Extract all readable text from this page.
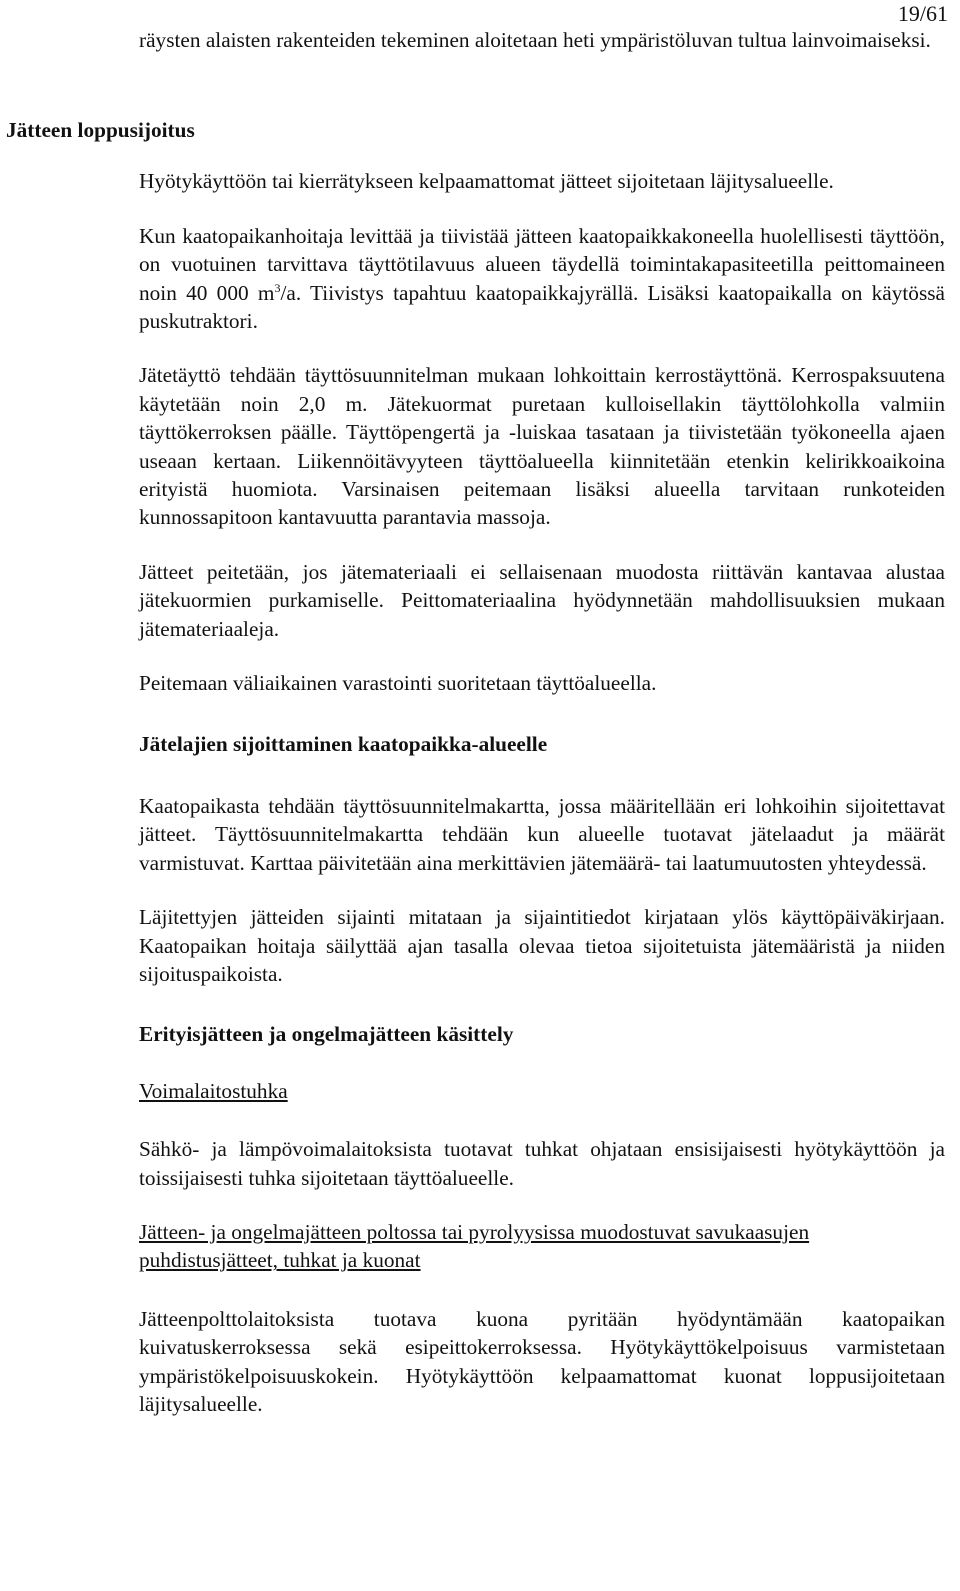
19/61
Jätteen loppusijoitus

räysten alaisten rakenteiden tekeminen aloitetaan heti ympäristöluvan tultua lainvoimaiseksi.

Hyötykäyttöön tai kierrätykseen kelpaamattomat jätteet sijoitetaan läjitysalueelle.

Kun kaatopaikanhoitaja levittää ja tiivistää jätteen kaatopaikkakoneella huolellisesti täyttöön, on vuotuinen tarvittava täyttötilavuus alueen täydellä toimintakapasiteetilla peittomaineen noin 40 000 $m^3/a$. Tiivistys tapahtuu kaatopaikkajyrällä. Lisäksi kaatopaikalla on käytössä puskutraktori.

Jätetäyttö tehdään täyttösuunnitelman mukaan lohkoittain kerrostäyttönä. Kerrospaksuutena käytetään noin 2,0 m. Jätekuormat puretaan kulloisellakin täyttölohkolla valmiin täyttökerroksen päälle. Täyttöpengertä ja -luiskaa tasataan ja tiivistetään työkoneella ajaen useaan kertaan. Liikennöitävyyteen täyttöalueella kiinnitetään etenkin kelirikkoaikoina erityistä huomiota. Varsinaisen peitemaan lisäksi alueella tarvitaan runkoteiden kunnossapitoon kantavuutta parantavia massoja.

Jätteet peitetään, jos jätemateriaali ei sellaisenaan muodosta riittävän kantavaa alustaa jätekuormien purkamiselle. Peittomateriaalina hyödynnetään mahdollisuuksien mukaan jätemateriaaleja.

Peitemaan väliaikainen varastointi suoritetaan täyttöalueella.

Jätelajien sijoittaminen kaatopaikka-alueelle

Kaatopaikasta tehdään täyttösuunnitelmakartta, jossa määritellään eri lohkoihin sijoitettavat jätteet. Täyttösuunnitelmakartta tehdään kun alueelle tuotavat jätelaadut ja määrät varmistuvat. Karttaa päivitetään aina merkittävien jätemäärä- tai laatumuutosten yhteydessä.

Läjitettyjen jätteiden sijainti mitataan ja sijaintitiedot kirjataan ylös käyttöpäiväkirjaan. Kaatopaikan hoitaja säilyttää ajan tasalla olevaa tietoa sijoitetuista jätemääristä ja niiden sijoituspaikoista.

Erityisjätteen ja ongelmajätteen käsittely

Voimalaitostuhka

Sähkö- ja lämpövoimalaitoksista tuotavat tuhkat ohjataan ensisijaisesti hyötykäyttöön ja toissijaisesti tuhka sijoitetaan täyttöalueelle.

Jätteen- ja ongelmajätteen poltossa tai pyrolyysissa muodostuvat savukaasujen puhdistusjätteet, tuhkat ja kuonat

Jätteenpolttolaitoksista tuotava kuona pyritään hyödyntämään kaatopaikan kuivatuskerroksessa sekä esipeittokerroksessa. Hyötykäyttökelpoisuus varmistetaan ympäristökelpoisuuskokein. Hyötykäyttöön kelpaamattomat kuonat loppusijoitetaan läjitysalueelle.
